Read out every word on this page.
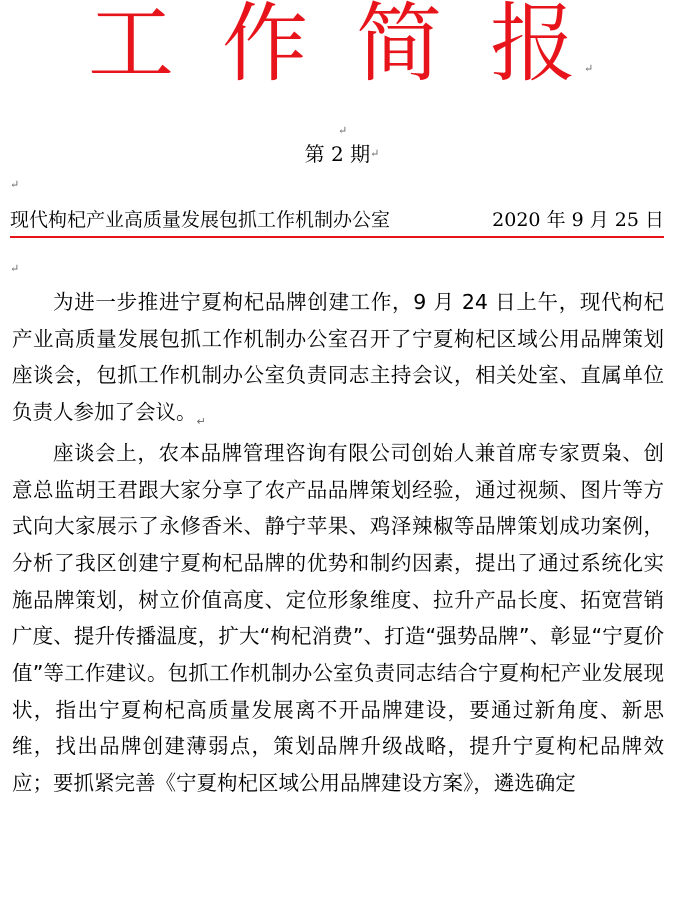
工 作 简 报 ↵
↵
第 2 期↵
↵
现代枸杞产业高质量发展包抓工作机制办公室	2020 年 9 月 25 日
↵

为进一步推进宁夏枸杞品牌创建工作，9 月 24 日上午，现代枸杞产业高质量发展包抓工作机制办公室召开了宁夏枸杞区域公用品牌策划座谈会，包抓工作机制办公室负责同志主持会议，相关处室、直属单位负责人参加了会议。$_↵$

座谈会上，农本品牌管理咨询有限公司创始人兼首席专家贾枭、创意总监胡王君跟大家分享了农产品品牌策划经验，通过视频、图片等方式向大家展示了永修香米、静宁苹果、鸡泽辣椒等品牌策划成功案例，分析了我区创建宁夏枸杞品牌的优势和制约因素，提出了通过系统化实施品牌策划，树立价值高度、定位形象维度、拉升产品长度、拓宽营销广度、提升传播温度，扩大“枸杞消费”、打造“强势品牌”、彰显“宁夏价值”等工作建议。包抓工作机制办公室负责同志结合宁夏枸杞产业发展现状，指出宁夏枸杞高质量发展离不开品牌建设，要通过新角度、新思维，找出品牌创建薄弱点，策划品牌升级战略，提升宁夏枸杞品牌效应；要抓紧完善《宁夏枸杞区域公用品牌建设方案》，遴选确定
